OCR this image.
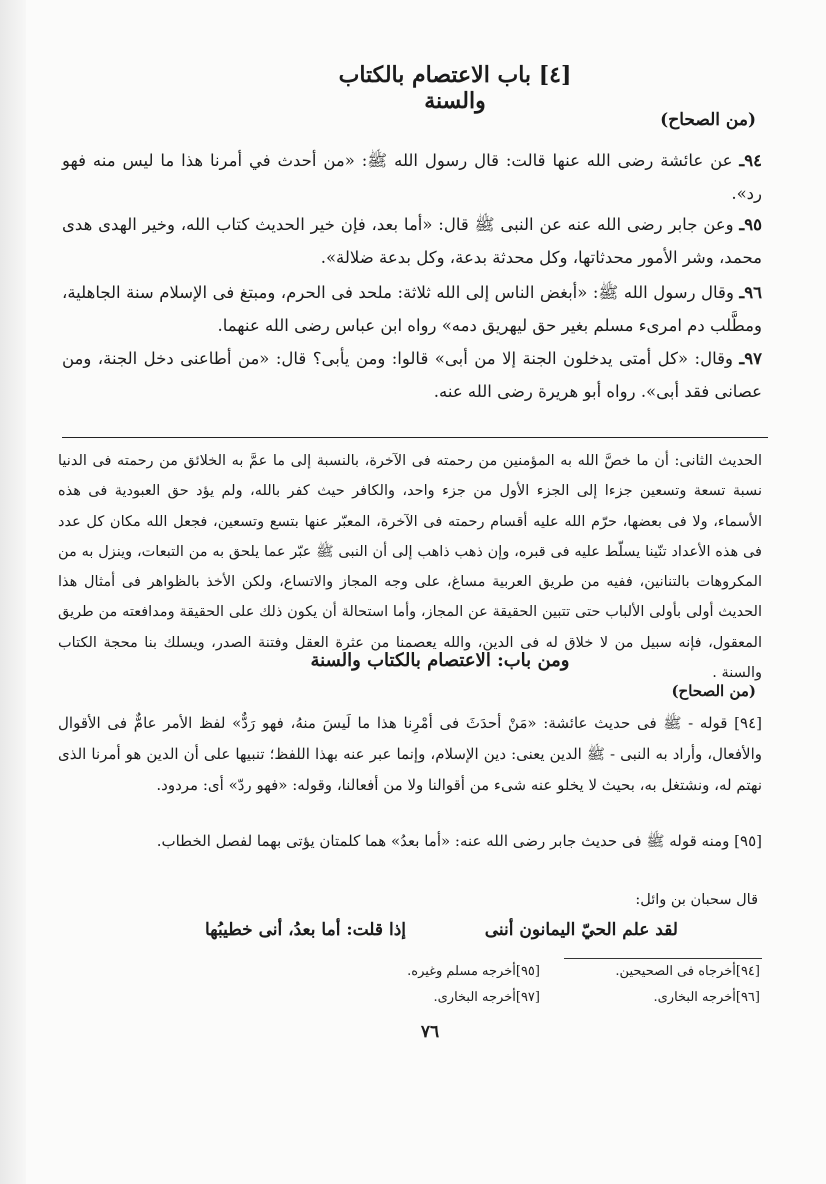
[٤] باب الاعتصام بالكتاب والسنة
(من الصحاح)
٩٤ـ عن عائشة رضى الله عنها قالت: قال رسول الله ﷺ: «من أحدث في أمرنا هذا ما ليس منه فهو رد».
٩٥ـ وعن جابر رضى الله عنه عن النبى ﷺ قال: «أما بعد، فإن خير الحديث كتاب الله، وخير الهدى هدى محمد، وشر الأمور محدثاتها، وكل محدثة بدعة، وكل بدعة ضلالة».
٩٦ـ وقال رسول الله ﷺ: «أبغض الناس إلى الله ثلاثة: ملحد فى الحرم، ومبتغ فى الإسلام سنة الجاهلية، ومطَّلب دم امرىء مسلم بغير حق ليهريق دمه» رواه ابن عباس رضى الله عنهما.
٩٧ـ وقال: «كل أمتى يدخلون الجنة إلا من أبى» قالوا: ومن يأبى؟ قال: «من أطاعنى دخل الجنة، ومن عصانى فقد أبى». رواه أبو هريرة رضى الله عنه.
الحديث الثانى: أن ما خصَّ الله به المؤمنين من رحمته فى الآخرة، بالنسبة إلى ما عمَّ به الخلائق من رحمته فى الدنيا نسبة تسعة وتسعين جزءا إلى الجزء الأول من جزء واحد، والكافر حيث كفر بالله، ولم يؤد حق العبودية فى هذه الأسماء، ولا فى بعضها، حرّم الله عليه أقسام رحمته فى الآخرة، المعبّر عنها بتسع وتسعين، فجعل الله مكان كل عدد فى هذه الأعداد تنّينا يسلّط عليه فى قبره، وإن ذهب ذاهب إلى أن النبى ﷺ عبّر عما يلحق به من التبعات، وينزل به من المكروهات بالتنانين، ففيه من طريق العربية مساغ، على وجه المجاز والاتساع، ولكن الأخذ بالظواهر فى أمثال هذا الحديث أولى بأولى الألباب حتى تتبين الحقيقة عن المجاز، وأما استحالة أن يكون ذلك على الحقيقة ومدافعته من طريق المعقول، فإنه سبيل من لا خلاق له فى الدين، والله يعصمنا من عثرة العقل وفتنة الصدر، ويسلك بنا محجة الكتاب والسنة .
ومن باب: الاعتصام بالكتاب والسنة
(من الصحاح)
[٩٤] قوله - ﷺ فى حديث عائشة: «مَنْ أحدَثَ فى أمْرِنا هذا ما لَيسَ منهُ، فهو رَدٌّ» لفظ الأمر عامٌّ فى الأقوال والأفعال، وأراد به النبى - ﷺ الدين يعنى: دين الإسلام، وإنما عبر عنه بهذا اللفظ؛ تنبيها على أن الدين هو أمرنا الذى نهتم له، ونشتغل به، بحيث لا يخلو عنه شىء من أقوالنا ولا من أفعالنا، وقوله: «فهو ردّ» أى: مردود.
[٩٥] ومنه قوله ﷺ فى حديث جابر رضى الله عنه: «أما بعدُ» هما كلمتان يؤتى بهما لفصل الخطاب.
قال سحبان بن وائل:
لقد علم الحيّ اليمانون أننى
إذا قلت: أما بعدُ، أنى خطيبُها
[٩٤]أخرجاه فى الصحيحين.
[٩٥]أخرجه مسلم وغيره.
[٩٦]أخرجه البخارى.
[٩٧]أخرجه البخارى.
٧٦
